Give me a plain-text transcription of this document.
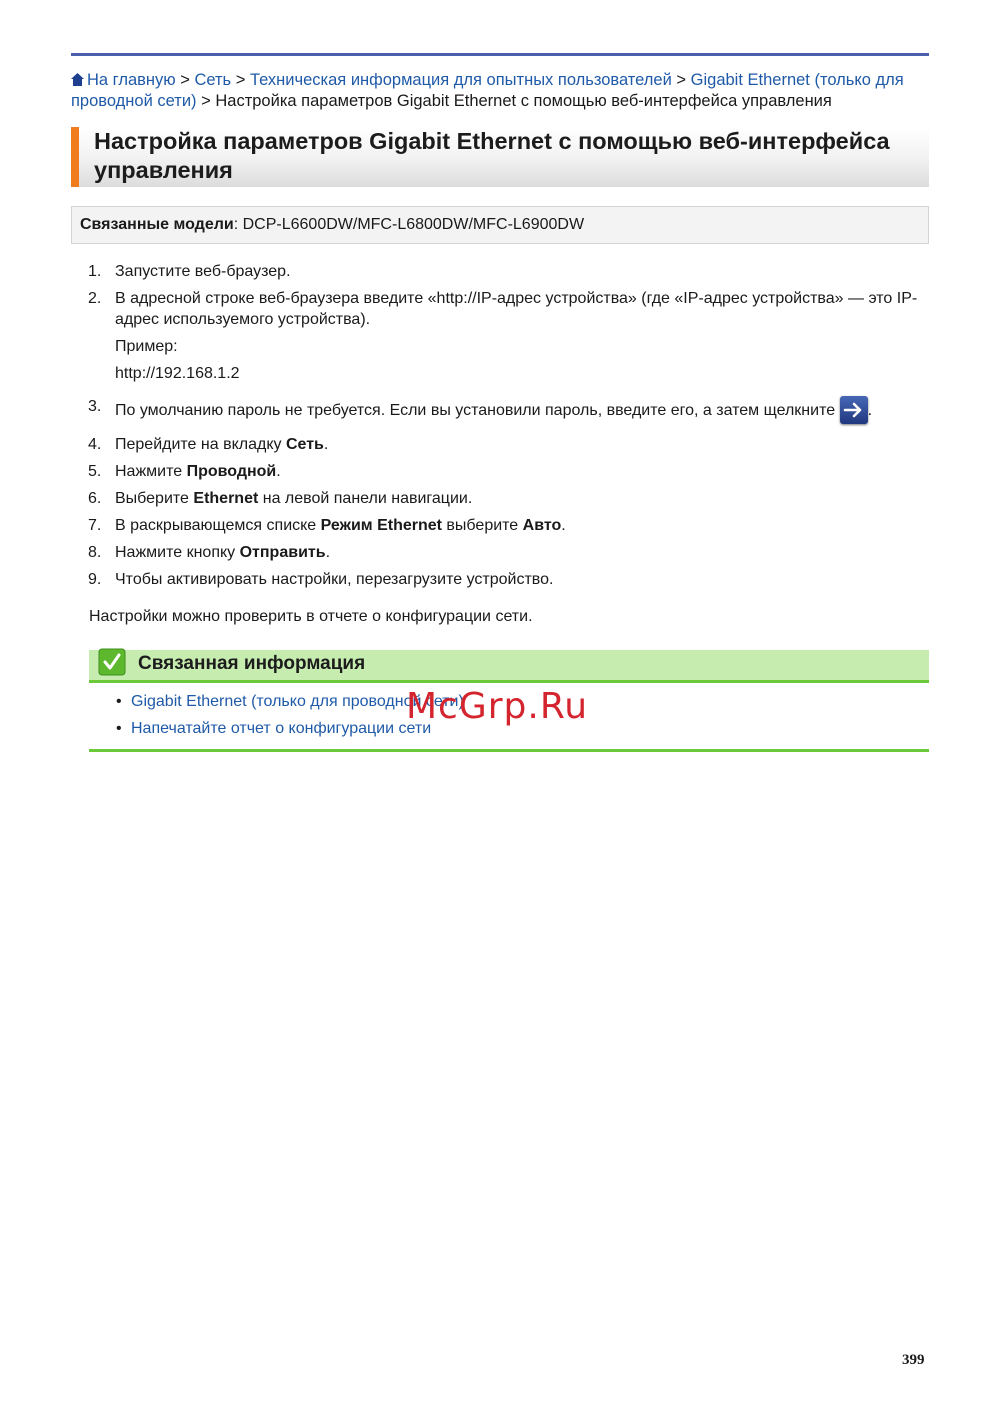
На главную > Сеть > Техническая информация для опытных пользователей > Gigabit Ethernet (только для проводной сети) > Настройка параметров Gigabit Ethernet с помощью веб-интерфейса управления
Настройка параметров Gigabit Ethernet с помощью веб-интерфейса управления
Связанные модели: DCP-L6600DW/MFC-L6800DW/MFC-L6900DW
1. Запустите веб-браузер.
2. В адресной строке веб-браузера введите «http://IP-адрес устройства» (где «IP-адрес устройства» — это IP-адрес используемого устройства).
Пример:
http://192.168.1.2
3. По умолчанию пароль не требуется. Если вы установили пароль, введите его, а затем щелкните .
4. Перейдите на вкладку Сеть.
5. Нажмите Проводной.
6. Выберите Ethernet на левой панели навигации.
7. В раскрывающемся списке Режим Ethernet выберите Авто.
8. Нажмите кнопку Отправить.
9. Чтобы активировать настройки, перезагрузите устройство.
Настройки можно проверить в отчете о конфигурации сети.
Связанная информация
• Gigabit Ethernet (только для проводной сети)
• Напечатайте отчет о конфигурации сети
McGrp.Ru
399
